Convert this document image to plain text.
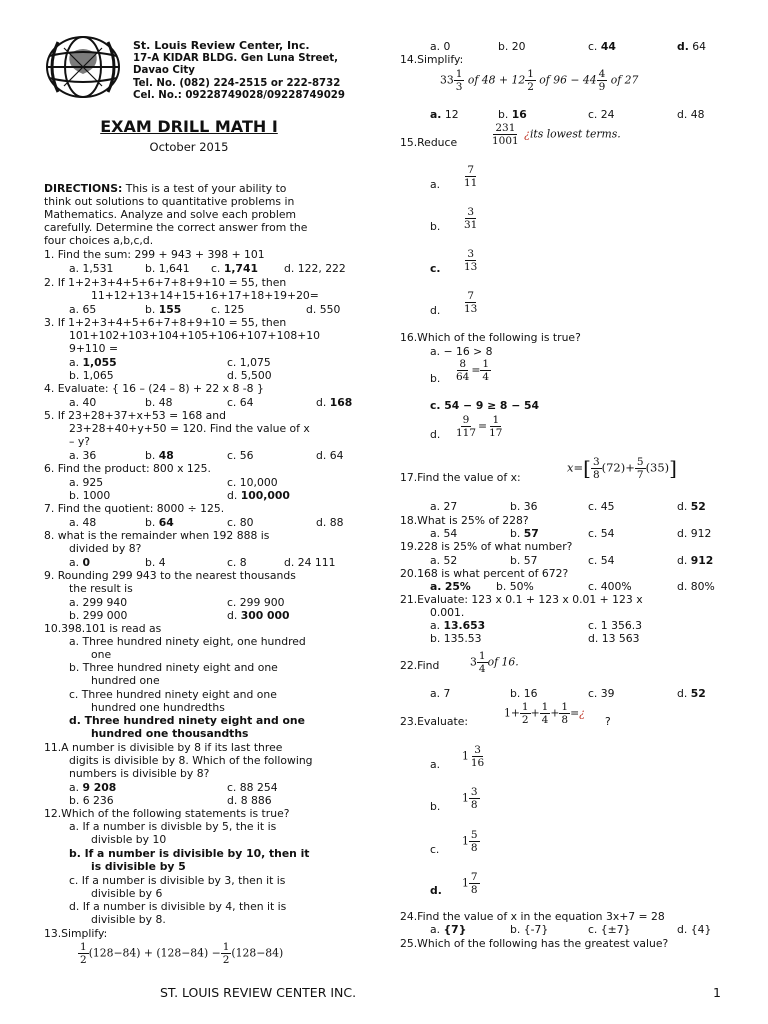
St. Louis Review Center, Inc.
17-A KIDAR BLDG. Gen Luna Street,
Davao City
Tel. No. (082) 224-2515 or 222-8732
Cel. No.: 09228749028/09228749029
EXAM DRILL MATH I
October 2015
DIRECTIONS: This is a test of your ability to
think out solutions to quantitative problems in
Mathematics. Analyze and solve each problem
carefully. Determine the correct answer from the
four choices a,b,c,d.
1. Find the sum: 299 + 943 + 398 + 101
a. 1,531	b. 1,641 c. 1,741 d. 122, 222
2. If 1+2+3+4+5+6+7+8+9+10 = 55, then
11+12+13+14+15+16+17+18+19+20=
a. 65	b. 155	c. 125	d. 550
3. If 1+2+3+4+5+6+7+8+9+10 = 55, then
101+102+103+104+105+106+107+108+10
9+110 =
a. 1,055	c. 1,075
b. 1,065	d. 5,500
4. Evaluate: { 16 – (24 – 8) + 22 x 8 -8 }
a. 40	b. 48	c. 64	d. 168
5. If 23+28+37+x+53 = 168 and
23+28+40+y+50 = 120. Find the value of x
– y?
a. 36	b. 48	c. 56	d. 64
6. Find the product: 800 x 125.
a. 925	c. 10,000
b. 1000	d. 100,000
7. Find the quotient: 8000 ÷ 125.
a. 48	b. 64	c. 80	d. 88
8. what is the remainder when 192 888 is
divided by 8?
a. 0	b. 4	c. 8	d. 24 111
9. Rounding 299 943 to the nearest thousands
the result is
a. 299 940	c. 299 900
b. 299 000	d. 300 000
10.398.101 is read as
a. Three hundred ninety eight, one hundred
one
b. Three hundred ninety eight and one
hundred one
c. Three hundred ninety eight and one
hundred one hundredths
d. Three hundred ninety eight and one
hundred one thousandths
11.A number is divisible by 8 if its last three
digits is divisible by 8. Which of the following
numbers is divisible by 8?
a. 9 208	c. 88 254
b. 6 236	d. 8 886
12.Which of the following statements is true?
a. If a number is divisble by 5, the it is
divisble by 10
b. If a number is divisible by 10, then it
is divisible by 5
c. If a number is divisible by 3, then it is
divisible by 6
d. If a number is divisible by 4, then it is
divisible by 8.
13.Simplify:
$\frac{1}{2} (128-84) + (128-84) - \frac{1}{2} (128-84)$
a. 0	b. 20	c. 44	d. 64
14.Simplify:
$33 \frac{1}{3}$ of $48 + 12 \frac{1}{2}$ of $96 - 44 \frac{4}{9}$ of 27
a. 12	b. 16	c. 24	d. 48
15.Reduce	$\frac{231}{1001}$ ¿its lowest terms.
a. $\frac{7}{11}$
b. $\frac{3}{31}$
c. $\frac{3}{13}$
d. $\frac{7}{13}$
16.Which of the following is true?
a. − 16 > 8
b. $\frac{8}{64} = \frac{1}{4}$
c. 54 − 9 ≥ 8 − 54
d. $\frac{9}{117} = \frac{1}{17}$
17.Find the value of x:
$x=[ \frac{3}{8} (72)+ \frac{5}{7} (35)]$
a. 27	b. 36	c. 45	d. 52
18.What is 25% of 228?
a. 54	b. 57	c. 54	d. 912
19.228 is 25% of what number?
a. 52	b. 57	c. 54	d. 912
20.168 is what percent of 672?
a. 25% b. 50%	c. 400%	d. 80%
21.Evaluate: 123 x 0.1 + 123 x 0.01 + 123 x
0.001.
a. 13.653	c. 1 356.3
b. 135.53	d. 13 563
22.Find	$3 \frac{1}{4}$ of 16.
a. 7	b. 16	c. 39	d. 52
23.Evaluate:
$1+ \frac{1}{2} + \frac{1}{4} + \frac{1}{8}$ =¿
?
a.
$1 \frac{3}{16}$
b.
$1 \frac{3}{8}$
c.
$1 \frac{5}{8}$
d.
$1 \frac{7}{8}$
24.Find the value of x in the equation 3x+7 = 28
a. {7}	b. {-7}	c. {±7}	d. {4}
25.Which of the following has the greatest value?
ST. LOUIS REVIEW CENTER INC.	1
